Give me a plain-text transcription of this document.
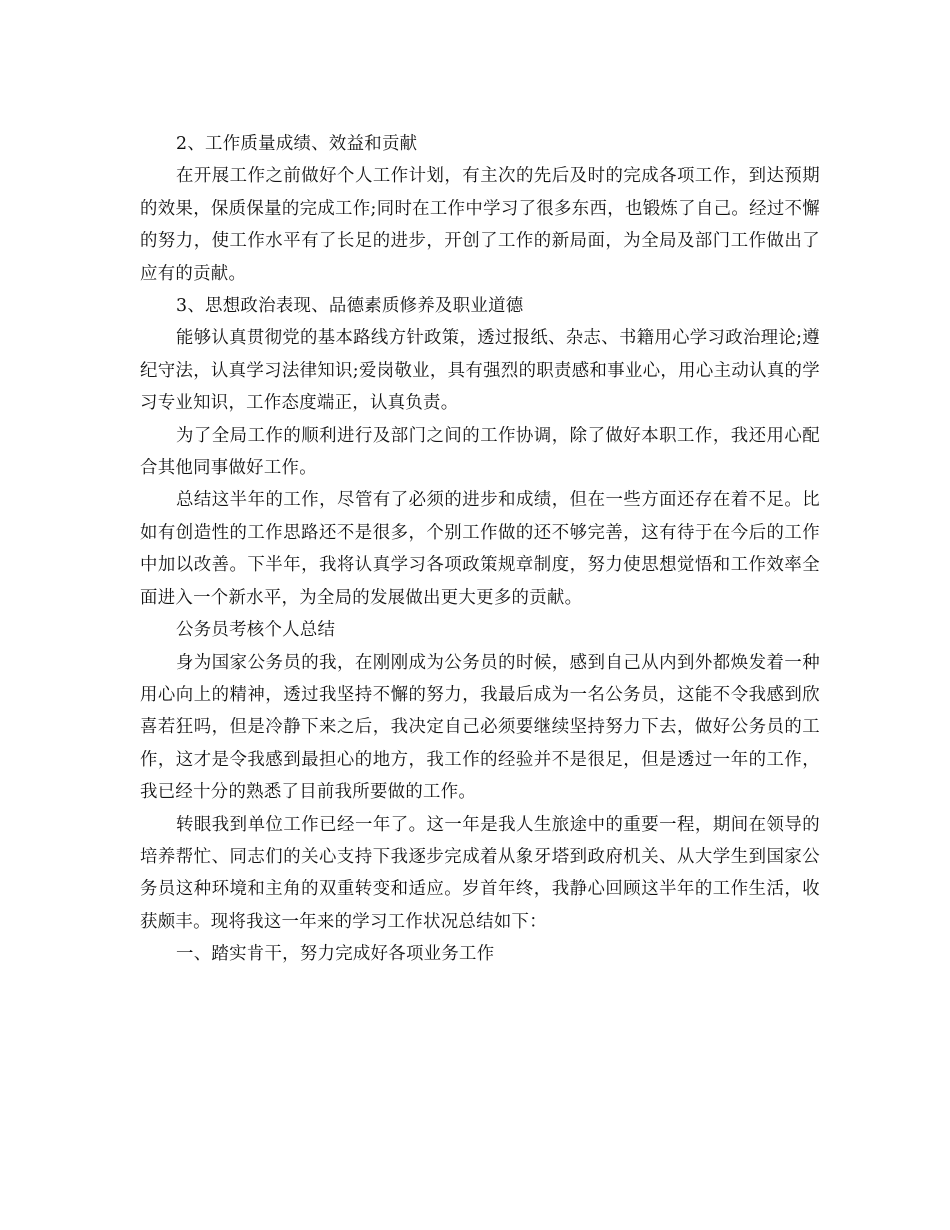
2、工作质量成绩、效益和贡献

在开展工作之前做好个人工作计划，有主次的先后及时的完成各项工作，到达预期的效果，保质保量的完成工作;同时在工作中学习了很多东西，也锻炼了自己。经过不懈的努力，使工作水平有了长足的进步，开创了工作的新局面，为全局及部门工作做出了应有的贡献。

3、思想政治表现、品德素质修养及职业道德

能够认真贯彻党的基本路线方针政策，透过报纸、杂志、书籍用心学习政治理论;遵纪守法，认真学习法律知识;爱岗敬业，具有强烈的职责感和事业心，用心主动认真的学习专业知识，工作态度端正，认真负责。

为了全局工作的顺利进行及部门之间的工作协调，除了做好本职工作，我还用心配合其他同事做好工作。

总结这半年的工作，尽管有了必须的进步和成绩，但在一些方面还存在着不足。比如有创造性的工作思路还不是很多，个别工作做的还不够完善，这有待于在今后的工作中加以改善。下半年，我将认真学习各项政策规章制度，努力使思想觉悟和工作效率全面进入一个新水平，为全局的发展做出更大更多的贡献。

公务员考核个人总结

身为国家公务员的我，在刚刚成为公务员的时候，感到自己从内到外都焕发着一种用心向上的精神，透过我坚持不懈的努力，我最后成为一名公务员，这能不令我感到欣喜若狂吗，但是冷静下来之后，我决定自己必须要继续坚持努力下去，做好公务员的工作，这才是令我感到最担心的地方，我工作的经验并不是很足，但是透过一年的工作，我已经十分的熟悉了目前我所要做的工作。

转眼我到单位工作已经一年了。这一年是我人生旅途中的重要一程，期间在领导的培养帮忙、同志们的关心支持下我逐步完成着从象牙塔到政府机关、从大学生到国家公务员这种环境和主角的双重转变和适应。岁首年终，我静心回顾这半年的工作生活，收获颇丰。现将我这一年来的学习工作状况总结如下：

一、踏实肯干，努力完成好各项业务工作
